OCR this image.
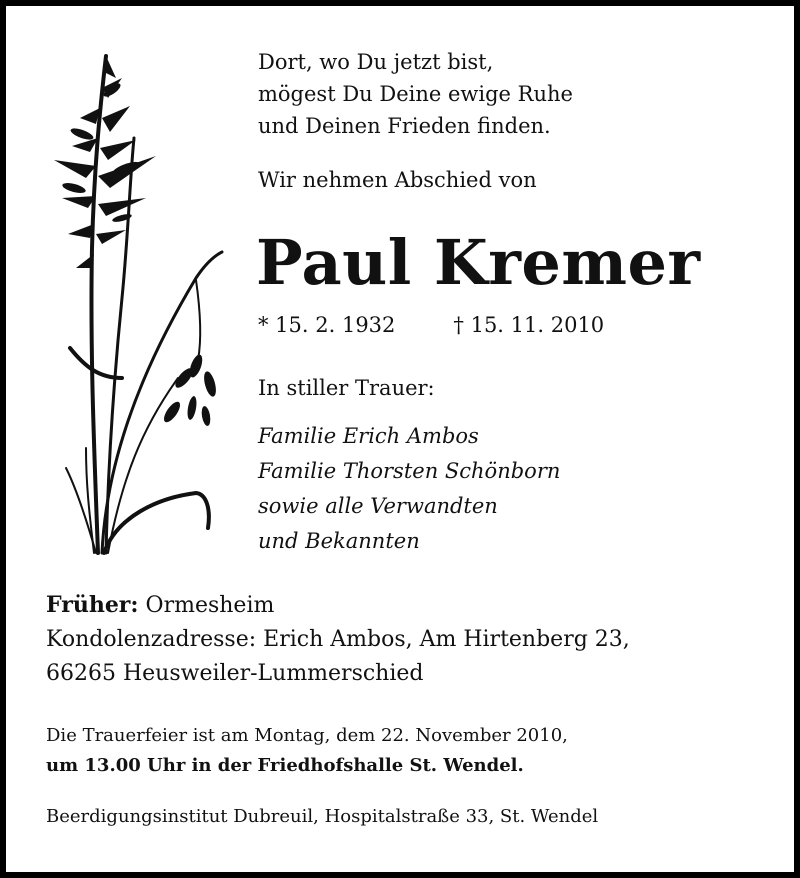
Dort, wo Du jetzt bist,
mögest Du Deine ewige Ruhe
und Deinen Frieden finden.
Wir nehmen Abschied von
Paul Kremer
* 15. 2. 1932	† 15. 11. 2010
In stiller Trauer:
Familie Erich Ambos
Familie Thorsten Schönborn
sowie alle Verwandten
und Bekannten
Früher: Ormesheim
Kondolenzadresse: Erich Ambos, Am Hirtenberg 23,
66265 Heusweiler-Lummerschied
Die Trauerfeier ist am Montag, dem 22. November 2010,
um 13.00 Uhr in der Friedhofshalle St. Wendel.
Beerdigungsinstitut Dubreuil, Hospitalstraße 33, St. Wendel
